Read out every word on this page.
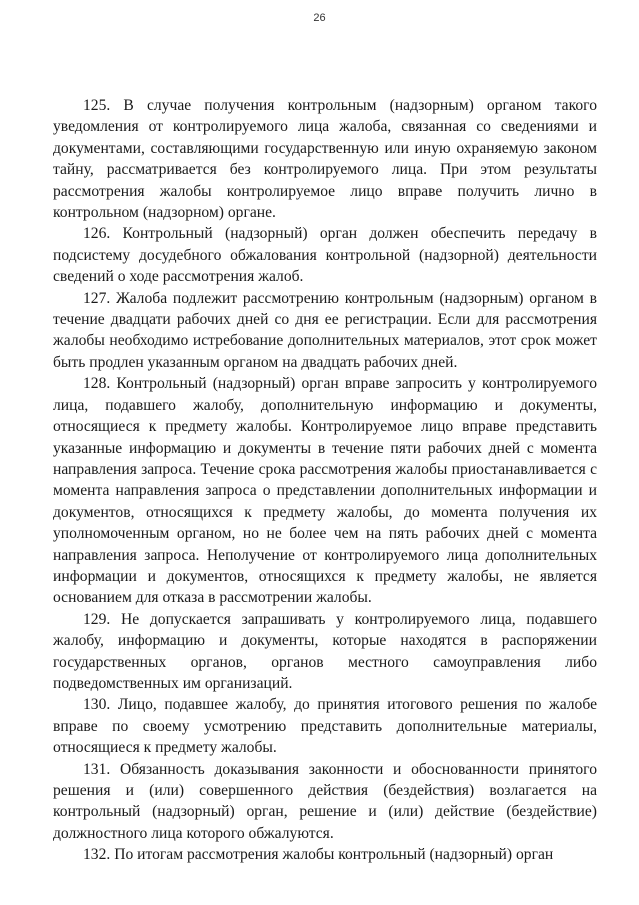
26

125. В случае получения контрольным (надзорным) органом такого уведомления от контролируемого лица жалоба, связанная со сведениями и документами, составляющими государственную или иную охраняемую законом тайну, рассматривается без контролируемого лица. При этом результаты рассмотрения жалобы контролируемое лицо вправе получить лично в контрольном (надзорном) органе.

126. Контрольный (надзорный) орган должен обеспечить передачу в подсистему досудебного обжалования контрольной (надзорной) деятельности сведений о ходе рассмотрения жалоб.

127. Жалоба подлежит рассмотрению контрольным (надзорным) органом в течение двадцати рабочих дней со дня ее регистрации. Если для рассмотрения жалобы необходимо истребование дополнительных материалов, этот срок может быть продлен указанным органом на двадцать рабочих дней.

128. Контрольный (надзорный) орган вправе запросить у контролируемого лица, подавшего жалобу, дополнительную информацию и документы, относящиеся к предмету жалобы. Контролируемое лицо вправе представить указанные информацию и документы в течение пяти рабочих дней с момента направления запроса. Течение срока рассмотрения жалобы приостанавливается с момента направления запроса о представлении дополнительных информации и документов, относящихся к предмету жалобы, до момента получения их уполномоченным органом, но не более чем на пять рабочих дней с момента направления запроса. Неполучение от контролируемого лица дополнительных информации и документов, относящихся к предмету жалобы, не является основанием для отказа в рассмотрении жалобы.

129. Не допускается запрашивать у контролируемого лица, подавшего жалобу, информацию и документы, которые находятся в распоряжении государственных органов, органов местного самоуправления либо подведомственных им организаций.

130. Лицо, подавшее жалобу, до принятия итогового решения по жалобе вправе по своему усмотрению представить дополнительные материалы, относящиеся к предмету жалобы.

131. Обязанность доказывания законности и обоснованности принятого решения и (или) совершенного действия (бездействия) возлагается на контрольный (надзорный) орган, решение и (или) действие (бездействие) должностного лица которого обжалуются.

132. По итогам рассмотрения жалобы контрольный (надзорный) орган
